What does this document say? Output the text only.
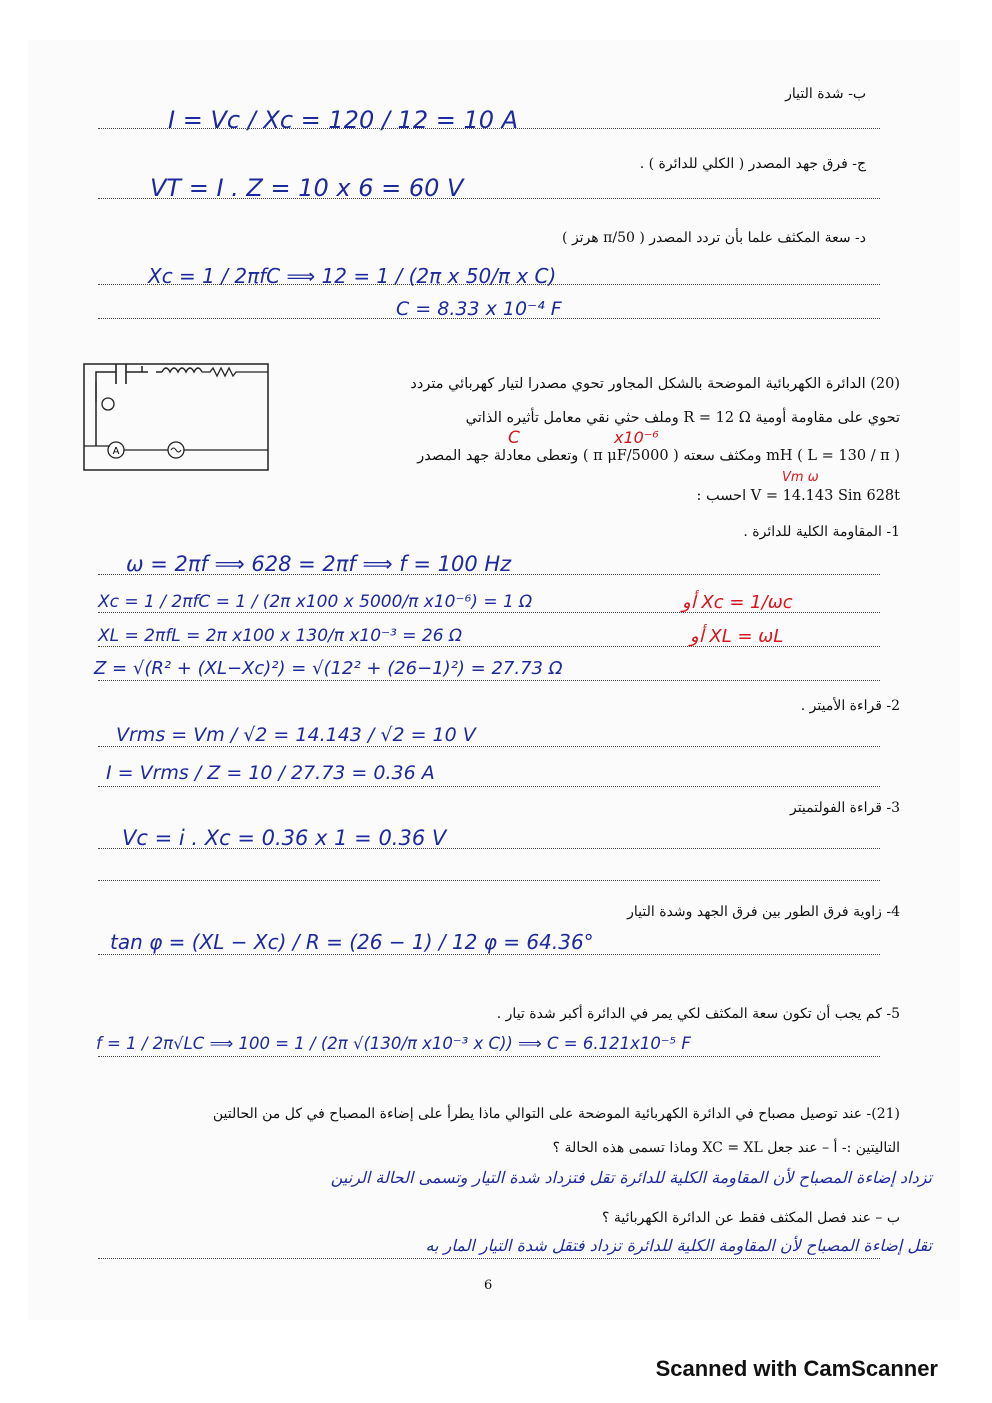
ب- شدة التيار
I = Vc / Xc = 120 / 12 = 10 A
ج- فرق جهد المصدر ( الكلي للدائرة ) .
VT = I . Z = 10 x 6 = 60 V
د- سعة المكثف علما بأن تردد المصدر ( 50/π هرتز )
Xc = 1 / 2πfC ⟹ 12 = 1 / (2π x 50/π x C)
C = 8.33 x 10⁻⁴ F
A
(20) الدائرة الكهربائية الموضحة بالشكل المجاور تحوي مصدرا لتيار كهربائي متردد
تحوي على مقاومة أومية R = 12 Ω وملف حثي نقي معامل تأثيره الذاتي
C	x10⁻⁶
( L = 130 / π ) mH ومكثف سعته ( 5000/π μF ) وتعطى معادلة جهد المصدر
Vm ω
V = 14.143 Sin 628t احسب :
1- المقاومة الكلية للدائرة .
ω = 2πf ⟹ 628 = 2πf ⟹ f = 100 Hz
Xc = 1 / 2πfC = 1 / (2π x100 x 5000/π x10⁻⁶) = 1 Ω	أو Xc = 1/ωc
XL = 2πfL = 2π x100 x 130/π x10⁻³ = 26 Ω	أو XL = ωL
Z = √(R² + (XL−Xc)²) = √(12² + (26−1)²) = 27.73 Ω
2- قراءة الأميتر .
Vrms = Vm / √2 = 14.143 / √2 = 10 V
I = Vrms / Z = 10 / 27.73 = 0.36 A
3- قراءة الفولتميتر
Vc = i . Xc = 0.36 x 1 = 0.36 V
4- زاوية فرق الطور بين فرق الجهد وشدة التيار
tan φ = (XL − Xc) / R = (26 − 1) / 12 φ = 64.36°
5- كم يجب أن تكون سعة المكثف لكي يمر في الدائرة أكبر شدة تيار .
f = 1 / 2π√LC ⟹ 100 = 1 / (2π √(130/π x10⁻³ x C)) ⟹ C = 6.121x10⁻⁵ F
(21)- عند توصيل مصباح في الدائرة الكهربائية الموضحة على التوالي ماذا يطرأ على إضاءة المصباح في كل من الحالتين
التاليتين :- أ – عند جعل XC = XL وماذا تسمى هذه الحالة ؟
تزداد إضاءة المصباح لأن المقاومة الكلية للدائرة تقل فتزداد شدة التيار وتسمى الحالة الرنين
ب – عند فصل المكثف فقط عن الدائرة الكهربائية ؟
تقل إضاءة المصباح لأن المقاومة الكلية للدائرة تزداد فتقل شدة التيار المار به
6
Scanned with CamScanner
